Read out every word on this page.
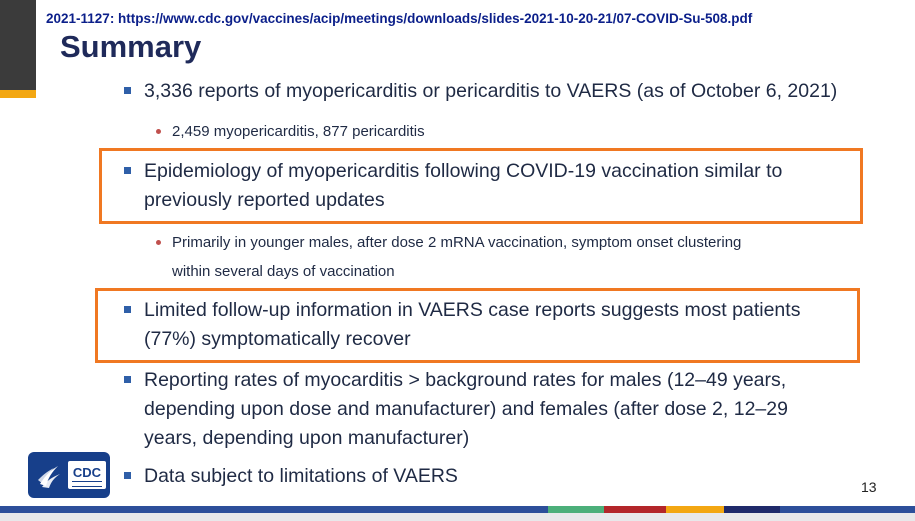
2021-1127: https://www.cdc.gov/vaccines/acip/meetings/downloads/slides-2021-10-20-21/07-COVID-Su-508.pdf
Summary
3,336 reports of myopericarditis or pericarditis to VAERS (as of October 6, 2021)
2,459 myopericarditis, 877 pericarditis
Epidemiology of myopericarditis following COVID-19 vaccination similar to
previously reported updates
Primarily in younger males, after dose 2 mRNA vaccination, symptom onset clustering
within several days of vaccination
Limited follow-up information in VAERS case reports suggests most patients
(77%) symptomatically recover
Reporting rates of myocarditis > background rates for males (12–49 years,
depending upon dose and manufacturer) and females (after dose 2, 12–29
years, depending upon manufacturer)
Data subject to limitations of VAERS
CDC
13
